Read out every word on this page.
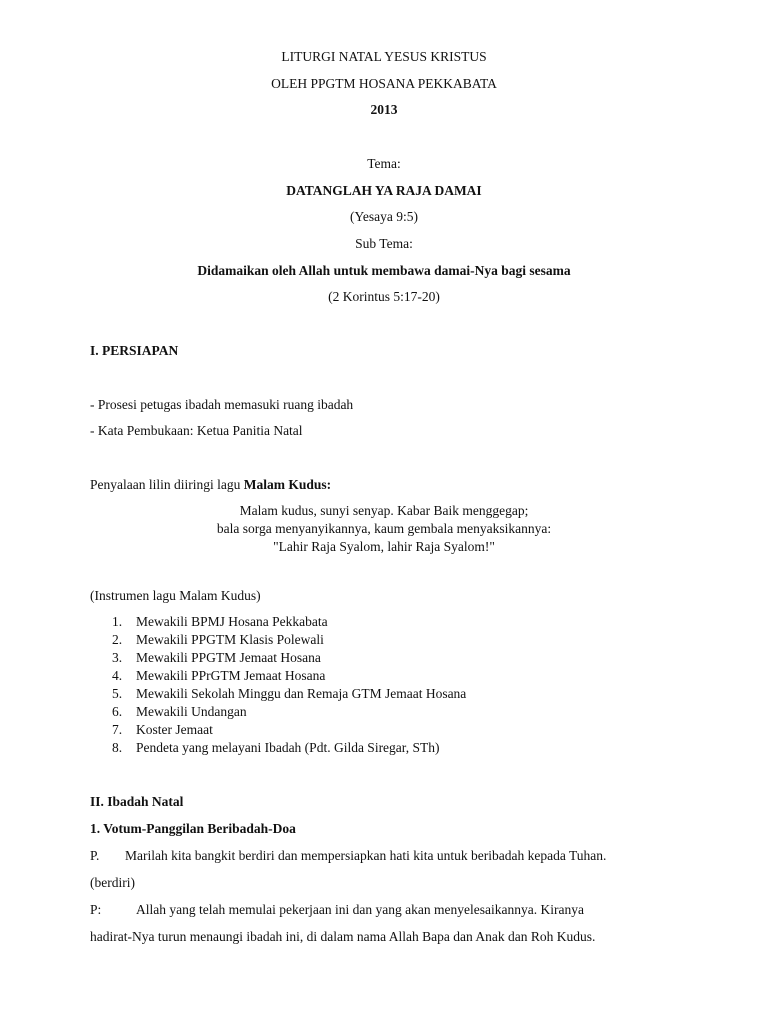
LITURGI NATAL YESUS KRISTUS
OLEH PPGTM HOSANA PEKKABATA
2013
Tema:
DATANGLAH YA RAJA DAMAI
(Yesaya 9:5)
Sub Tema:
Didamaikan oleh Allah untuk membawa damai-Nya bagi sesama
(2 Korintus 5:17-20)
I. PERSIAPAN
- Prosesi petugas ibadah memasuki ruang ibadah
- Kata Pembukaan: Ketua Panitia Natal
Penyalaan lilin diiringi lagu Malam Kudus:
Malam kudus, sunyi senyap. Kabar Baik menggegap;
bala sorga menyanyikannya, kaum gembala menyaksikannya:
"Lahir Raja Syalom, lahir Raja Syalom!"
(Instrumen lagu Malam Kudus)
1. Mewakili BPMJ Hosana Pekkabata
2. Mewakili PPGTM Klasis Polewali
3. Mewakili PPGTM Jemaat Hosana
4. Mewakili PPrGTM Jemaat Hosana
5. Mewakili Sekolah Minggu dan Remaja GTM Jemaat Hosana
6. Mewakili Undangan
7. Koster Jemaat
8. Pendeta yang melayani Ibadah (Pdt. Gilda Siregar, STh)
II. Ibadah Natal
1. Votum-Panggilan Beribadah-Doa
P. Marilah kita bangkit berdiri dan mempersiapkan hati kita untuk beribadah kepada Tuhan.
(berdiri)
P:	Allah yang telah memulai pekerjaan ini dan yang akan menyelesaikannya. Kiranya
hadirat-Nya turun menaungi ibadah ini, di dalam nama Allah Bapa dan Anak dan Roh Kudus.
